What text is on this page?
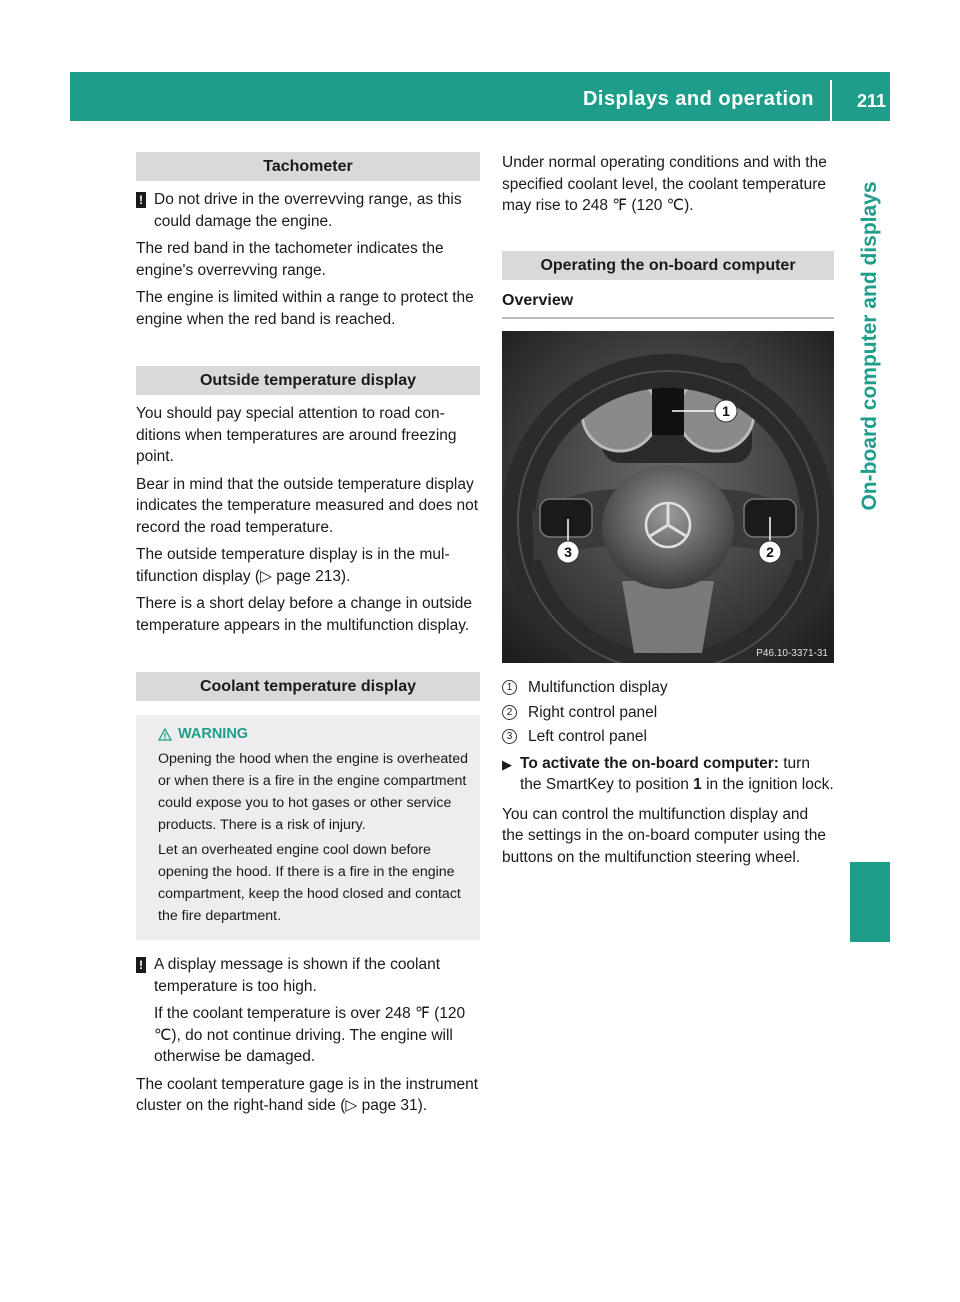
Displays and operation 211
On-board computer and displays
Tachometer
! Do not drive in the overrevving range, as this could damage the engine.

The red band in the tachometer indicates the engine's overrevving range.

The engine is limited within a range to protect the engine when the red band is reached.

Outside temperature display

You should pay special attention to road conditions when temperatures are around freezing point.

Bear in mind that the outside temperature display indicates the temperature measured and does not record the road temperature.

The outside temperature display is in the multifunction display (▷ page 213).

There is a short delay before a change in outside temperature appears in the multifunction display.

Coolant temperature display
WARNING

Opening the hood when the engine is overheated or when there is a fire in the engine compartment could expose you to hot gases or other service products. There is a risk of injury.

Let an overheated engine cool down before opening the hood. If there is a fire in the engine compartment, keep the hood closed and contact the fire department.

! A display message is shown if the coolant temperature is too high.

If the coolant temperature is over 248 ℉ (120 ℃), do not continue driving. The engine will otherwise be damaged.

The coolant temperature gage is in the instrument cluster on the right-hand side (▷ page 31).

Under normal operating conditions and with the specified coolant level, the coolant temperature may rise to 248 ℉ (120 ℃).

Operating the on-board computer
Overview
1
2
3
P46.10-3371-31
1	Multifunction display
2	Right control panel
3	Left control panel
▶ To activate the on-board computer: turn the SmartKey to position 1 in the ignition lock.

You can control the multifunction display and the settings in the on-board computer using the buttons on the multifunction steering wheel.
